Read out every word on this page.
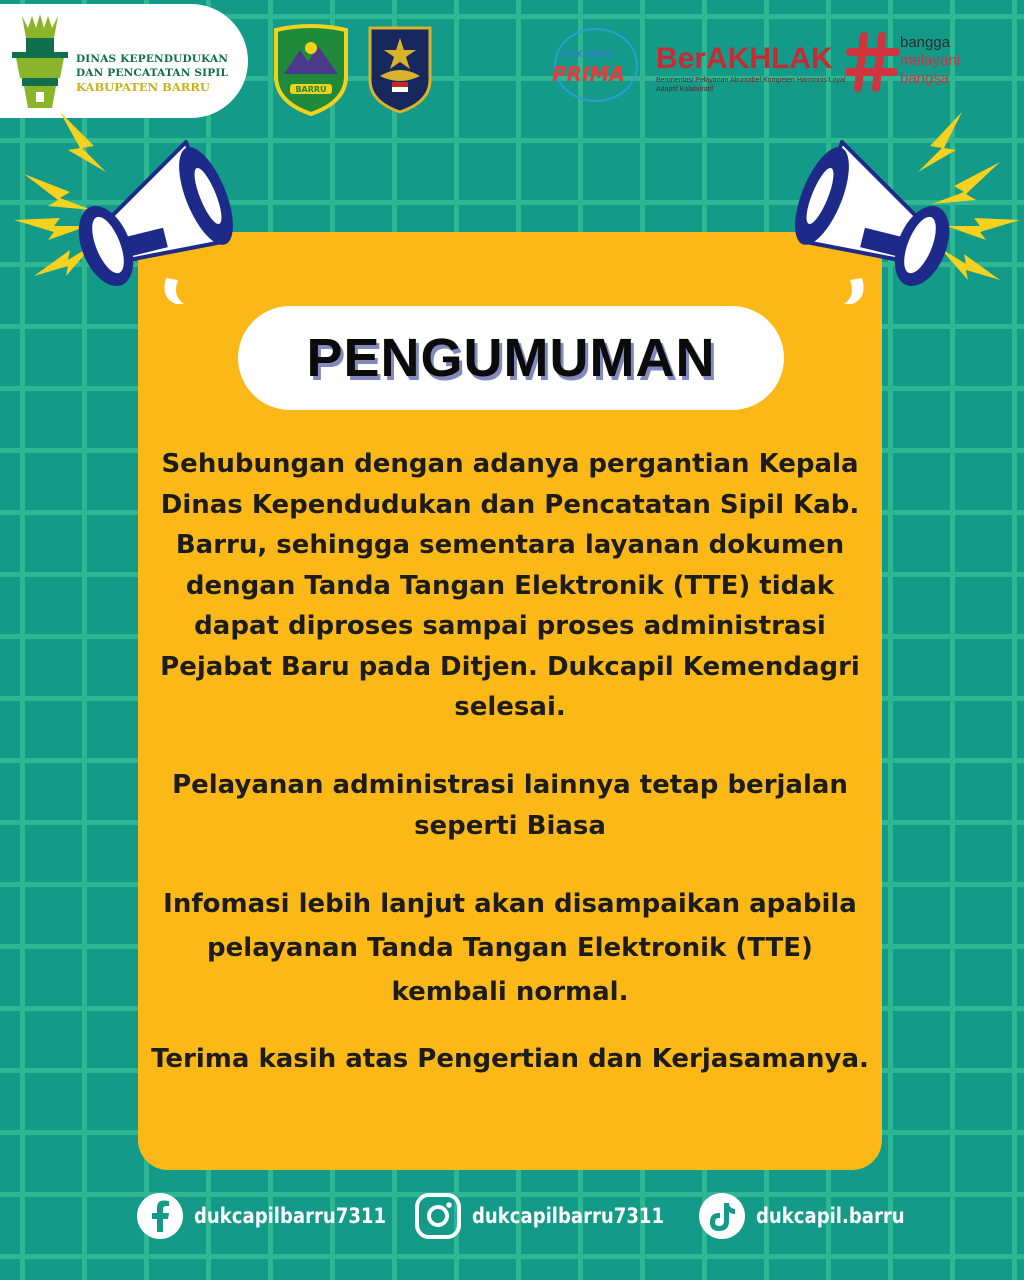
DINAS KEPENDUDUKAN
DAN PENCATATAN SIPIL
KABUPATEN BARRU	BARRU
DUKCAPIL
PRIMA BerAKHLAK
Berorientasi Pelayanan Akuntabel Kompeten Harmonis Loyal Adaptif Kolaboratif
bangga
melayani
bangsa
PENGUMUMAN

Sehubungan dengan adanya pergantian Kepala Dinas Kependudukan dan Pencatatan Sipil Kab. Barru, sehingga sementara layanan dokumen dengan Tanda Tangan Elektronik (TTE) tidak dapat diproses sampai proses administrasi Pejabat Baru pada Ditjen. Dukcapil Kemendagri selesai.

Pelayanan administrasi lainnya tetap berjalan seperti Biasa

Infomasi lebih lanjut akan disampaikan apabila pelayanan Tanda Tangan Elektronik (TTE) kembali normal.

Terima kasih atas Pengertian dan Kerjasamanya.

dukcapilbarru7311	dukcapilbarru7311	dukcapil.barru
